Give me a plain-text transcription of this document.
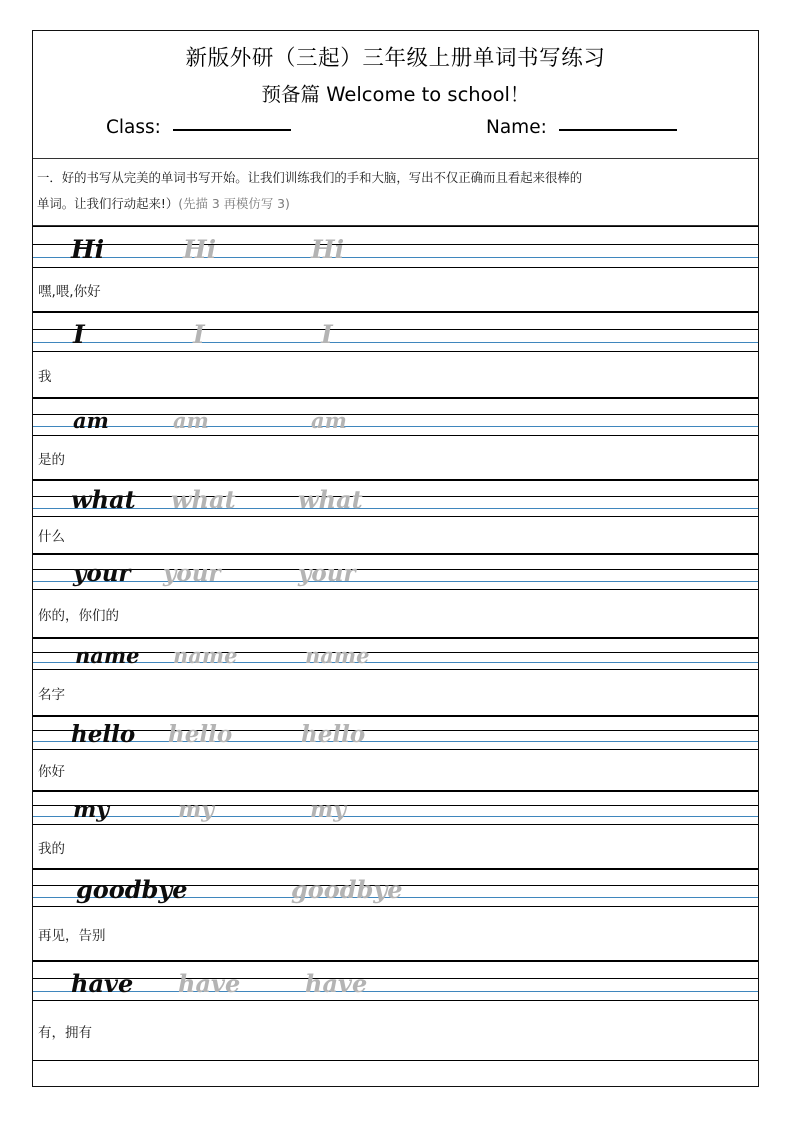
新版外研（三起）三年级上册单词书写练习
预备篇 Welcome to school！
Class:	Name:
一．好的书写从完美的单词书写开始。让我们训练我们的手和大脑，写出不仅正确而且看起来很棒的
单词。让我们行动起来!）(先描 3 再模仿写 3)
Hi	Hi	Hi
嘿,喂,你好
I	I	I
我
am	am	am
是的
what what	what
什么
your your	your
你的，你们的
name name	name
名字
hello hello	hello
你好
my	my	my
我的
goodbye	goodbye
再见，告别
have have	have
有，拥有
